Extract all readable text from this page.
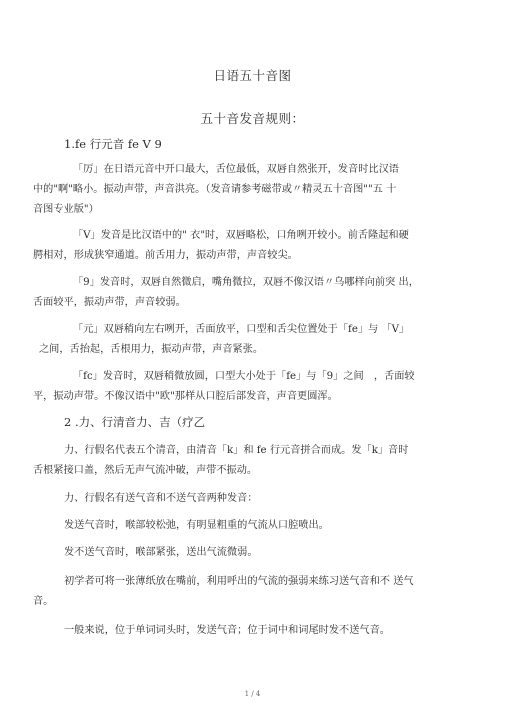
日语五十音图
五十音发音规则：
1.fe 行元音 fe V 9
「厉」在日语元音中开口最大，舌位最低，双唇自然张开，发音时比汉语
中的"啊"略小。振动声带，声音洪亮。（发音请参考磁带或〃精灵五十音图""五 十
音图专业版"）
「V」发音是比汉语中的" 衣"时，双唇略松，口角咧开较小。前舌隆起和硬
腭相对，形成狭窄通道。前舌用力，振动声带，声音较尖。
「9」发音时，双唇自然微启，嘴角微拉，双唇不像汉语〃乌哪样向前突 出，
舌面较平，振动声带，声音较弱。
「元」双唇稍向左右咧开，舌面放平，口型和舌尖位置处于「fe」与 「V」
之间，舌抬起，舌根用力，振动声带，声音紧张。
「fc」发音时，双唇稍微放圆，口型大小处于「fe」与「9」之间　，舌面较
平，振动声带。不像汉语中"欧"那样从口腔后部发音，声音更圆浑。
2 .力、行清音力、吉（疗乙
力、行假名代表五个清音，由清音「k」和 fe 行元音拼合而成。发「k」音时
舌根紧接口盖，然后无声气流冲破，声带不振动。
力、行假名有送气音和不送气音两种发音：
发送气音时，喉部较松弛，有明显粗重的气流从口腔喷出。
发不送气音时，喉部紧张，送出气流微弱。
初学者可将一张薄纸放在嘴前，利用呼出的气流的强弱来练习送气音和不 送气
音。
一般来说，位于单词词头时，发送气音；位于词中和词尾时发不送气音。
1 / 4
